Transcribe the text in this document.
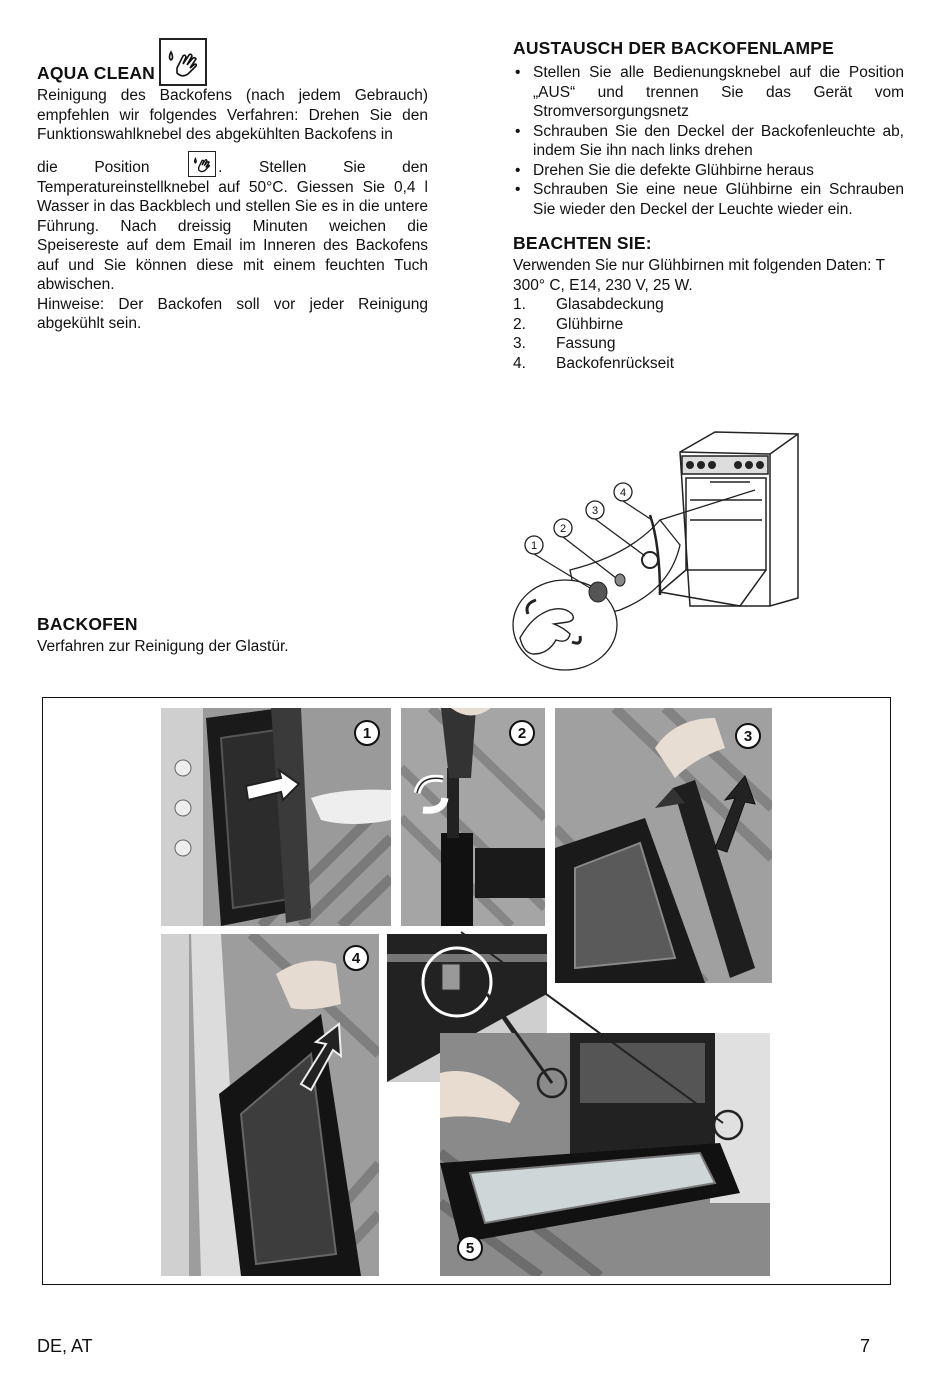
AQUA CLEAN

Reinigung des Backofens (nach jedem Gebrauch) empfehlen wir folgendes Verfahren: Drehen Sie den Funktionswahlknebel des abgekühlten Backofens in

die Position	. Stellen Sie den

Temperatureinstellknebel auf 50°C. Giessen Sie 0,4 l Wasser in das Backblech und stellen Sie es in die untere Führung. Nach dreissig Minuten weichen die Speisereste auf dem Email im Inneren des Backofens auf und Sie können diese mit einem feuchten Tuch abwischen.

Hinweise: Der Backofen soll vor jeder Reinigung abgekühlt sein.

AUSTAUSCH DER BACKOFENLAMPE
• Stellen Sie alle Bedienungsknebel auf die Position „AUS“ und trennen Sie das Gerät vom Stromversorgungsnetz
• Schrauben Sie den Deckel der Backofenleuchte ab, indem Sie ihn nach links drehen
• Drehen Sie die defekte Glühbirne heraus
• Schrauben Sie eine neue Glühbirne ein Schrauben Sie wieder den Deckel der Leuchte wieder ein.
BEACHTEN SIE:

Verwenden Sie nur Glühbirnen mit folgenden Daten: T 300° C, E14, 230 V, 25 W.

1.	Glasabdeckung
2.	Glühbirne
3.	Fassung
4.	Backofenrückseit
1
2
3
4
BACKOFEN

Verfahren zur Reinigung der Glastür.

1	2	3
4
5
DE, AT	7
